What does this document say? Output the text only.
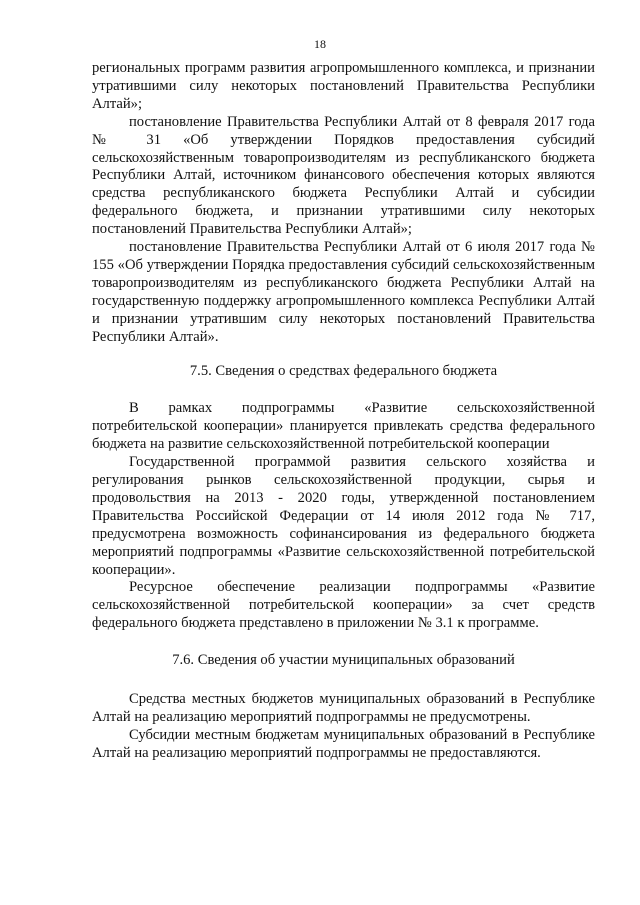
18

региональных программ развития агропромышленного комплекса, и признании утратившими силу некоторых постановлений Правительства Республики Алтай»;

постановление Правительства Республики Алтай от 8 февраля 2017 года № 31 «Об утверждении Порядков предоставления субсидий сельскохозяйственным товаропроизводителям из республиканского бюджета Республики Алтай, источником финансового обеспечения которых являются средства республиканского бюджета Республики Алтай и субсидии федерального бюджета, и признании утратившими силу некоторых постановлений Правительства Республики Алтай»;

постановление Правительства Республики Алтай от 6 июля 2017 года № 155 «Об утверждении Порядка предоставления субсидий сельскохозяйственным товаропроизводителям из республиканского бюджета Республики Алтай на государственную поддержку агропромышленного комплекса Республики Алтай и признании утратившим силу некоторых постановлений Правительства Республики Алтай».

7.5. Сведения о средствах федерального бюджета

В рамках подпрограммы «Развитие сельскохозяйственной потребительской кооперации» планируется привлекать средства федерального бюджета на развитие сельскохозяйственной потребительской кооперации

Государственной программой развития сельского хозяйства и регулирования рынков сельскохозяйственной продукции, сырья и продовольствия на 2013 - 2020 годы, утвержденной постановлением Правительства Российской Федерации от 14 июля 2012 года № 717, предусмотрена возможность софинансирования из федерального бюджета мероприятий подпрограммы «Развитие сельскохозяйственной потребительской кооперации».

Ресурсное обеспечение реализации подпрограммы «Развитие сельскохозяйственной потребительской кооперации» за счет средств федерального бюджета представлено в приложении № 3.1 к программе.

7.6. Сведения об участии муниципальных образований

Средства местных бюджетов муниципальных образований в Республике Алтай на реализацию мероприятий подпрограммы не предусмотрены.

Субсидии местным бюджетам муниципальных образований в Республике Алтай на реализацию мероприятий подпрограммы не предоставляются.
